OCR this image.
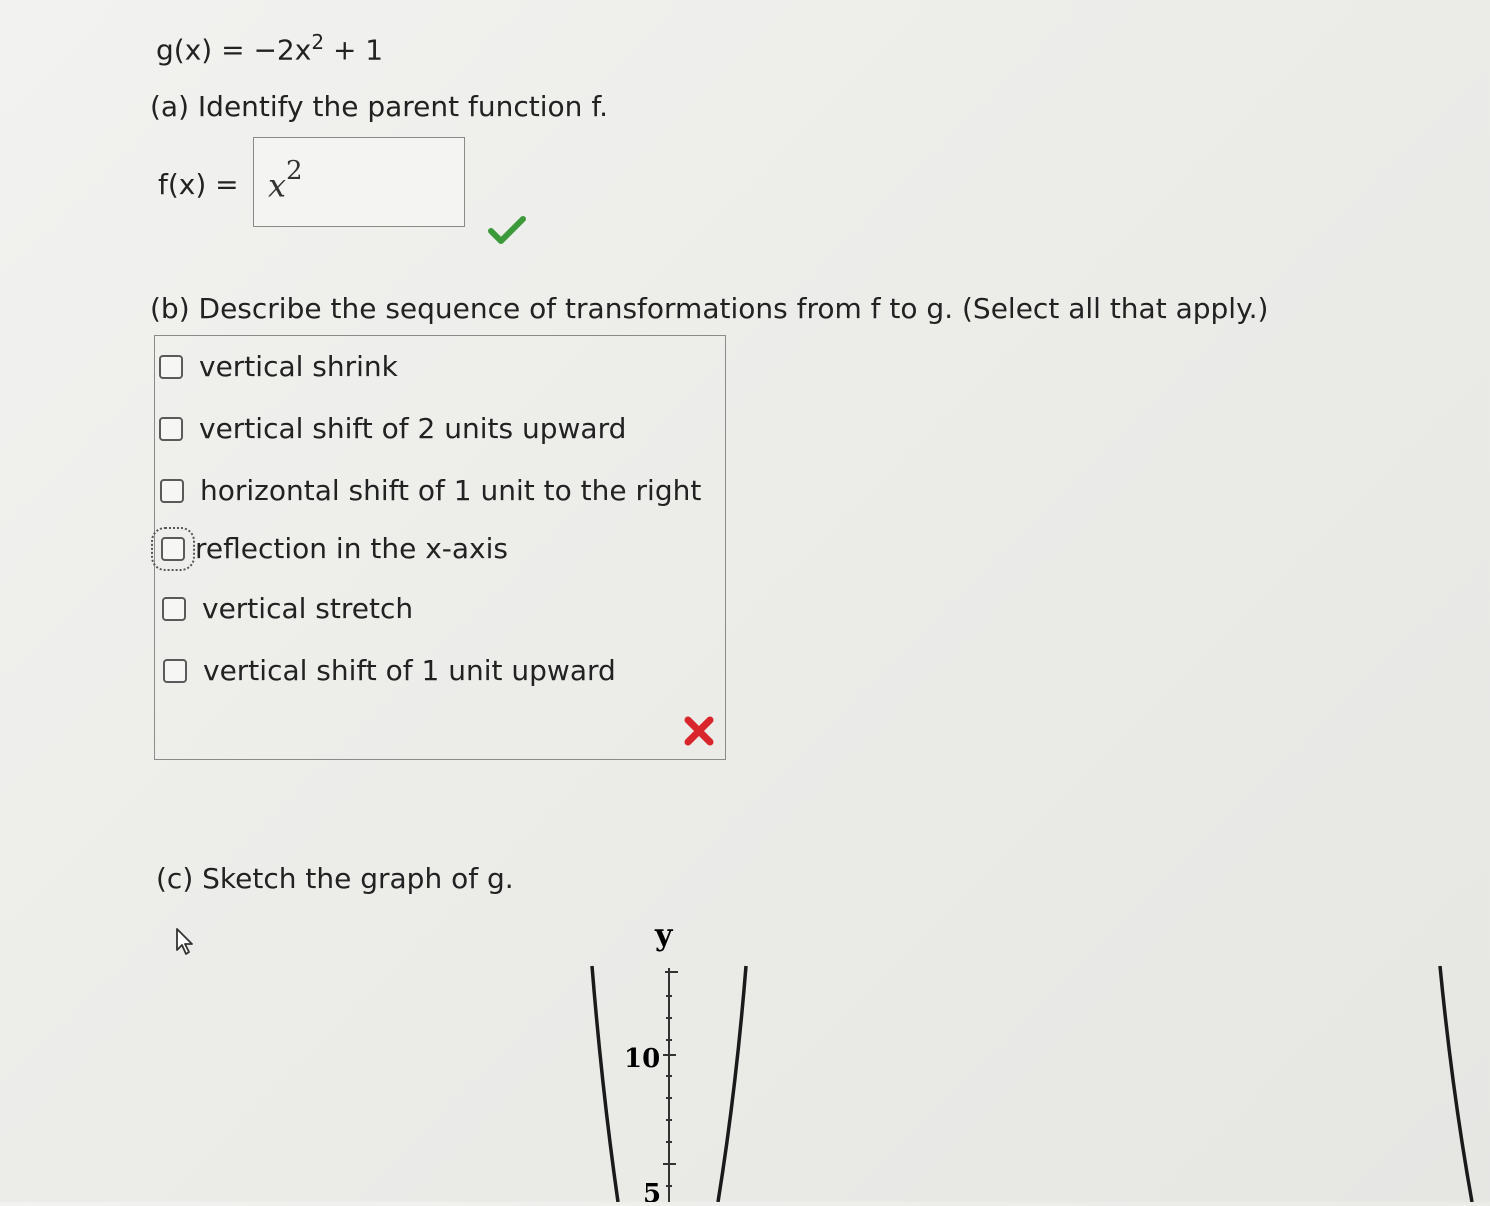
$g(x) = -2x^2 + 1$
(a) Identify the parent function f.
$f(x) = x^2$
(b) Describe the sequence of transformations from f to g. (Select all that apply.)
vertical shrink
vertical shift of 2 units upward
horizontal shift of 1 unit to the right
reflection in the x-axis
vertical stretch
vertical shift of 1 unit upward
(c) Sketch the graph of g.
y
10
5
